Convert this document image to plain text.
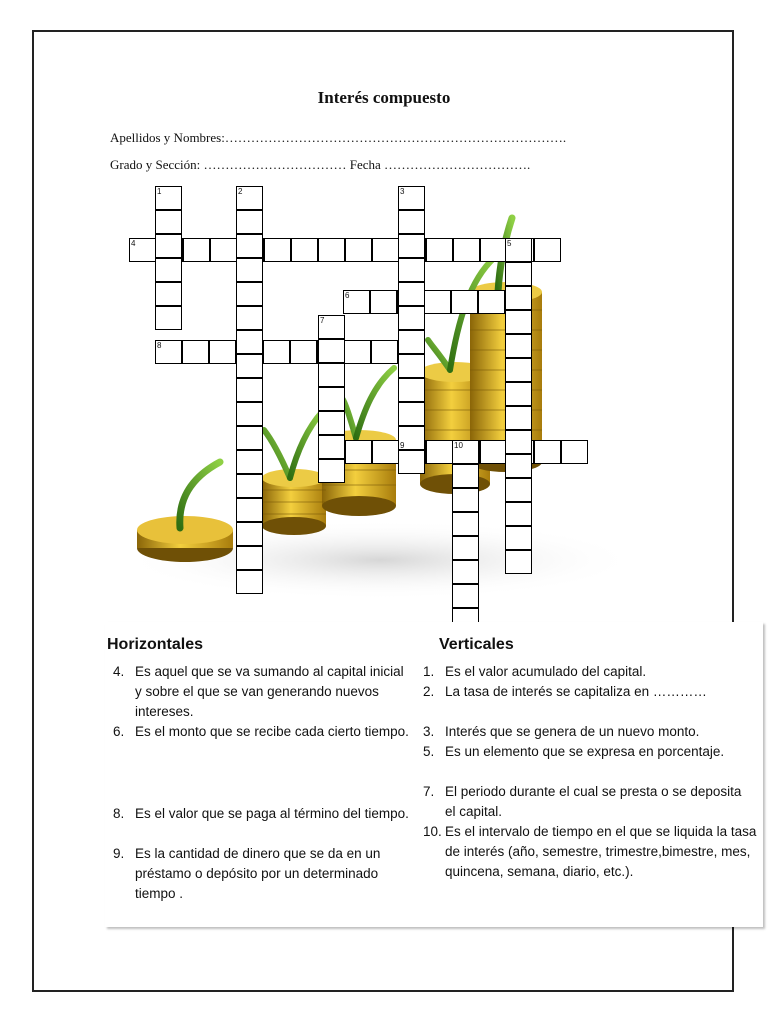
Interés compuesto
Apellidos y Nombres:…………………………………………………………………….
Grado y Sección: …………………………… Fecha …………………………….
1	2	3
4	5
6
7
8
9	10
Horizontales	Verticales
4. Es aquel que se va sumando al capital inicial y sobre el que se van generando nuevos intereses.
6. Es el monto que se recibe cada cierto tiempo.
8. Es el valor que se paga al término del tiempo.
9. Es la cantidad de dinero que se da en un préstamo o depósito por un determinado tiempo .
1. Es el valor acumulado del capital.
2. La tasa de interés se capitaliza en …………
3. Interés que se genera de un nuevo monto.
5. Es un elemento que se expresa en porcentaje.
7. El periodo durante el cual se presta o se deposita el capital.
10. Es el intervalo de tiempo en el que se liquida la tasa de interés (año, semestre, trimestre,bimestre, mes, quincena, semana, diario, etc.).
